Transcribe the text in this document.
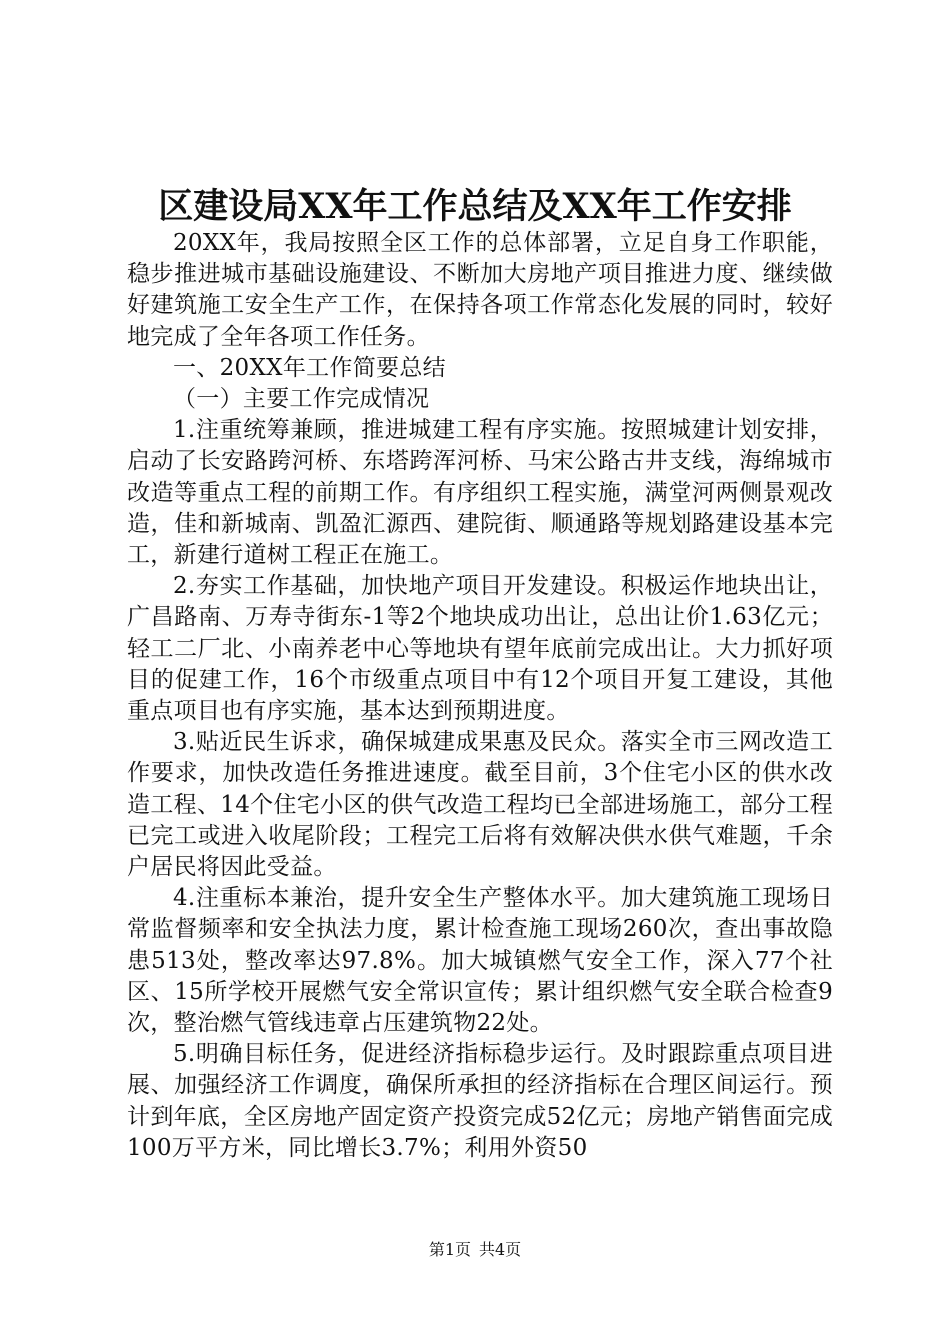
区建设局XX年工作总结及XX年工作安排

20XX年，我局按照全区工作的总体部署，立足自身工作职能，稳步推进城市基础设施建设、不断加大房地产项目推进力度、继续做好建筑施工安全生产工作，在保持各项工作常态化发展的同时，较好地完成了全年各项工作任务。

一、20XX年工作简要总结

（一）主要工作完成情况

1.注重统筹兼顾，推进城建工程有序实施。按照城建计划安排，启动了长安路跨河桥、东塔跨浑河桥、马宋公路古井支线，海绵城市改造等重点工程的前期工作。有序组织工程实施，满堂河两侧景观改造，佳和新城南、凯盈汇源西、建院街、顺通路等规划路建设基本完工，新建行道树工程正在施工。

2.夯实工作基础，加快地产项目开发建设。积极运作地块出让，广昌路南、万寿寺街东-1等2个地块成功出让，总出让价1.63亿元；轻工二厂北、小南养老中心等地块有望年底前完成出让。大力抓好项目的促建工作，16个市级重点项目中有12个项目开复工建设，其他重点项目也有序实施，基本达到预期进度。

3.贴近民生诉求，确保城建成果惠及民众。落实全市三网改造工作要求，加快改造任务推进速度。截至目前，3个住宅小区的供水改造工程、14个住宅小区的供气改造工程均已全部进场施工，部分工程已完工或进入收尾阶段；工程完工后将有效解决供水供气难题，千余户居民将因此受益。

4.注重标本兼治，提升安全生产整体水平。加大建筑施工现场日常监督频率和安全执法力度，累计检查施工现场260次，查出事故隐患513处，整改率达97.8%。加大城镇燃气安全工作，深入77个社区、15所学校开展燃气安全常识宣传；累计组织燃气安全联合检查9次，整治燃气管线违章占压建筑物22处。

5.明确目标任务，促进经济指标稳步运行。及时跟踪重点项目进展、加强经济工作调度，确保所承担的经济指标在合理区间运行。预计到年底，全区房地产固定资产投资完成52亿元；房地产销售面完成100万平方米，同比增长3.7%；利用外资50

第1页 共4页
